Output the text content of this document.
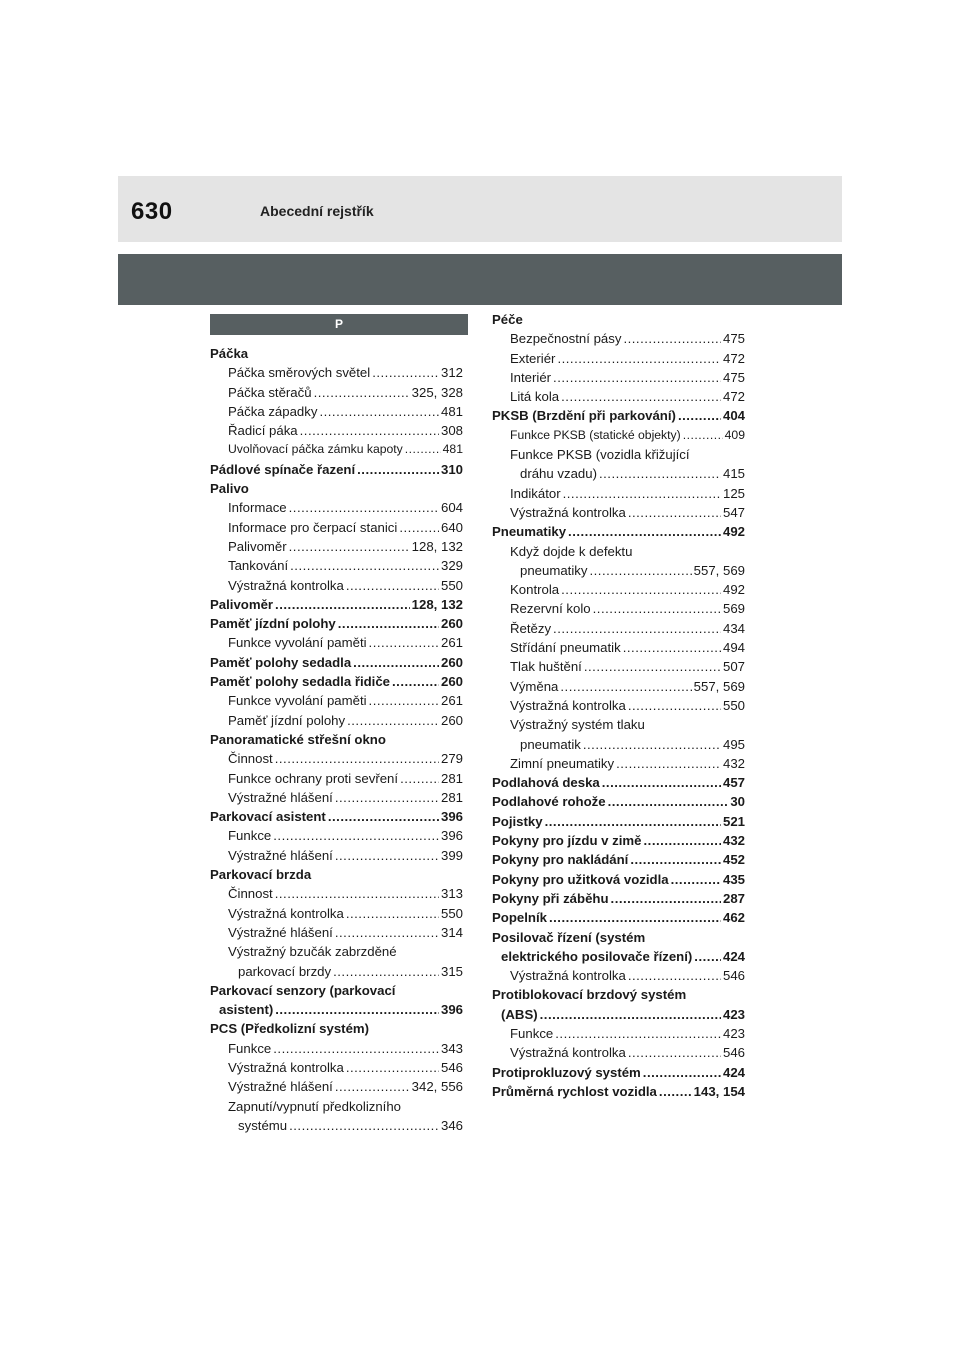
630	Abecední rejstřík
P
Páčka
Páčka směrových světel .....	312
Páčka stěračů .....	325, 328
Páčka západky .....	481
Řadicí páka .....	308
Uvolňovací páčka zámku kapoty .....	481
Pádlové spínače řazení .....	310
Palivo
Informace .....	604
Informace pro čerpací stanici .....	640
Palivoměr .....	128, 132
Tankování .....	329
Výstražná kontrolka .....	550
Palivoměr .....	128, 132
Paměť jízdní polohy .....	260
Funkce vyvolání paměti .....	261
Paměť polohy sedadla .....	260
Paměť polohy sedadla řidiče .....	260
Funkce vyvolání paměti .....	261
Paměť jízdní polohy .....	260
Panoramatické střešní okno
Činnost .....	279
Funkce ochrany proti sevření .....	281
Výstražné hlášení .....	281
Parkovací asistent .....	396
Funkce .....	396
Výstražné hlášení .....	399
Parkovací brzda
Činnost .....	313
Výstražná kontrolka .....	550
Výstražné hlášení .....	314
Výstražný bzučák zabrzděné
parkovací brzdy .....	315
Parkovací senzory (parkovací
asistent) .....	396
PCS (Předkolizní systém)
Funkce .....	343
Výstražná kontrolka .....	546
Výstražné hlášení .....	342, 556
Zapnutí/vypnutí předkolizního
systému .....	346
Péče
Bezpečnostní pásy .....	475
Exteriér .....	472
Interiér .....	475
Litá kola .....	472
PKSB (Brzdění při parkování) .....	404
Funkce PKSB (statické objekty) .....	409
Funkce PKSB (vozidla křižující
dráhu vzadu) .....	415
Indikátor .....	125
Výstražná kontrolka .....	547
Pneumatiky .....	492
Když dojde k defektu
pneumatiky .....	557, 569
Kontrola .....	492
Rezervní kolo .....	569
Řetězy .....	434
Střídání pneumatik .....	494
Tlak huštění .....	507
Výměna .....	557, 569
Výstražná kontrolka .....	550
Výstražný systém tlaku
pneumatik .....	495
Zimní pneumatiky .....	432
Podlahová deska .....	457
Podlahové rohože .....	30
Pojistky .....	521
Pokyny pro jízdu v zimě .....	432
Pokyny pro nakládání .....	452
Pokyny pro užitková vozidla .....	435
Pokyny při záběhu .....	287
Popelník .....	462
Posilovač řízení (systém
elektrického posilovače řízení) ..... 424
Výstražná kontrolka .....	546
Protiblokovací brzdový systém
(ABS) .....	423
Funkce .....	423
Výstražná kontrolka .....	546
Protiprokluzový systém .....	424
Průměrná rychlost vozidla .....	143, 154
